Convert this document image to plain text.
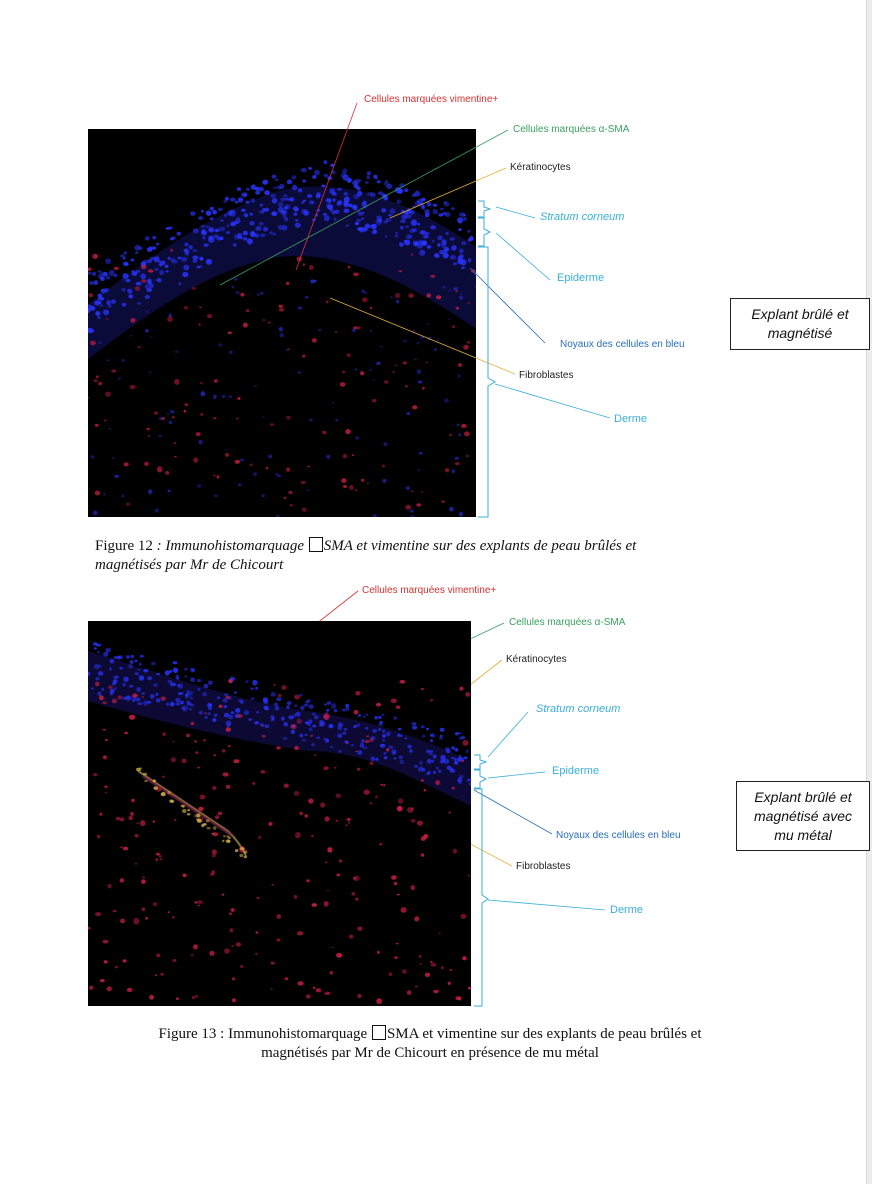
Cellules marquées vimentine+
Cellules marquées α-SMA
Kératinocytes
Stratum corneum
Epiderme
Noyaux des cellules en bleu
Fibroblastes
Derme
Explant brûlé et
magnétisé
Figure 12 : Immunohistomarquage SMA et vimentine sur des explants de peau brûlés et
magnétisés par Mr de Chicourt
Cellules marquées vimentine+
Cellules marquées α-SMA
Kératinocytes
Stratum corneum
Epiderme
Noyaux des cellules en bleu
Fibroblastes
Derme
Explant brûlé et
magnétisé avec
mu métal
Figure 13 : Immunohistomarquage SMA et vimentine sur des explants de peau brûlés et
magnétisés par Mr de Chicourt en présence de mu métal
